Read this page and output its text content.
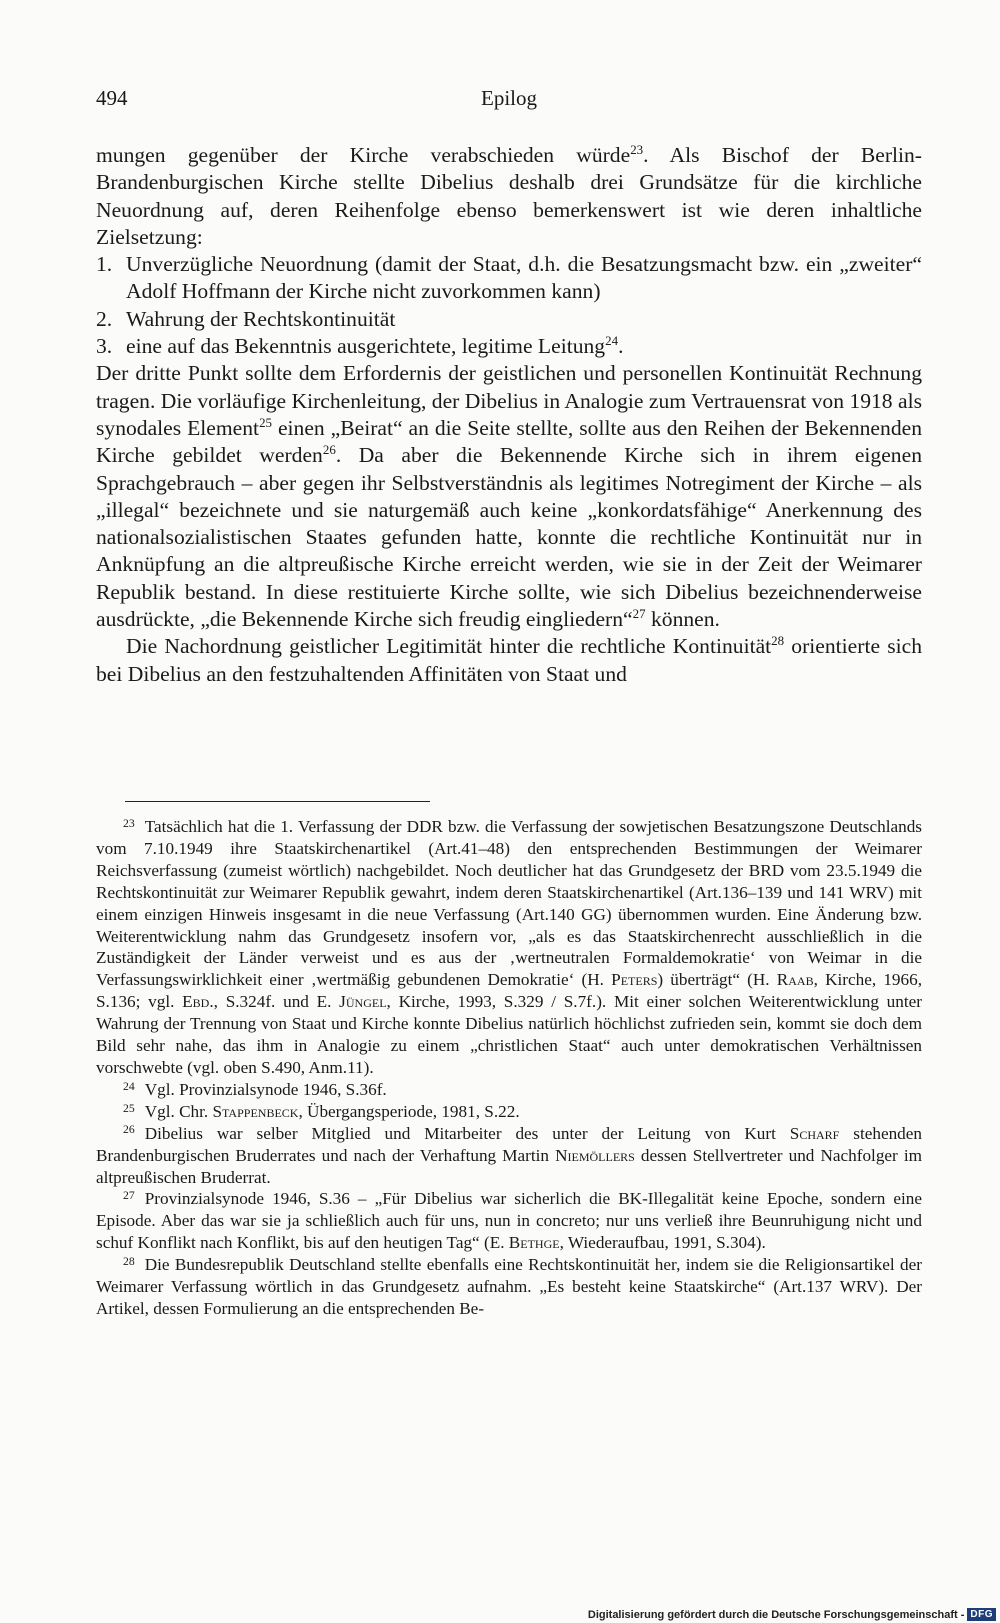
494	Epilog

mungen gegenüber der Kirche verabschieden würde$^{23}$. Als Bischof der Berlin-Brandenburgischen Kirche stellte Dibelius deshalb drei Grundsätze für die kirchliche Neuordnung auf, deren Reihenfolge ebenso bemerkenswert ist wie deren inhaltliche Zielsetzung:

1. Unverzügliche Neuordnung (damit der Staat, d.h. die Besatzungsmacht bzw. ein „zweiter“ Adolf Hoffmann der Kirche nicht zuvorkommen kann)

2. Wahrung der Rechtskontinuität

3. eine auf das Bekenntnis ausgerichtete, legitime Leitung$^{24}$.

Der dritte Punkt sollte dem Erfordernis der geistlichen und personellen Kontinuität Rechnung tragen. Die vorläufige Kirchenleitung, der Dibelius in Analogie zum Vertrauensrat von 1918 als synodales Element$^{25}$ einen „Beirat“ an die Seite stellte, sollte aus den Reihen der Bekennenden Kirche gebildet werden$^{26}$. Da aber die Bekennende Kirche sich in ihrem eigenen Sprachgebrauch – aber gegen ihr Selbstverständnis als legitimes Notregiment der Kirche – als „illegal“ bezeichnete und sie naturgemäß auch keine „konkordatsfähige“ Anerkennung des nationalsozialistischen Staates gefunden hatte, konnte die rechtliche Kontinuität nur in Anknüpfung an die altpreußische Kirche erreicht werden, wie sie in der Zeit der Weimarer Republik bestand. In diese restituierte Kirche sollte, wie sich Dibelius bezeichnenderweise ausdrückte, „die Bekennende Kirche sich freudig eingliedern“$^{27}$ können.

Die Nachordnung geistlicher Legitimität hinter die rechtliche Kontinuität$^{28}$ orientierte sich bei Dibelius an den festzuhaltenden Affinitäten von Staat und

$^{23}$ Tatsächlich hat die 1. Verfassung der DDR bzw. die Verfassung der sowjetischen Besatzungszone Deutschlands vom 7.10.1949 ihre Staatskirchenartikel (Art.41–48) den entsprechenden Bestimmungen der Weimarer Reichsverfassung (zumeist wörtlich) nachgebildet. Noch deutlicher hat das Grundgesetz der BRD vom 23.5.1949 die Rechtskontinuität zur Weimarer Republik gewahrt, indem deren Staatskirchenartikel (Art.136–139 und 141 WRV) mit einem einzigen Hinweis insgesamt in die neue Verfassung (Art.140 GG) übernommen wurden. Eine Änderung bzw. Weiterentwicklung nahm das Grundgesetz insofern vor, „als es das Staatskirchenrecht ausschließlich in die Zuständigkeit der Länder verweist und es aus der ‚wertneutralen Formaldemokratie‘ von Weimar in die Verfassungswirklichkeit einer ‚wertmäßig gebundenen Demokratie‘ (H. Peters) überträgt“ (H. Raab, Kirche, 1966, S.136; vgl. Ebd., S.324f. und E. Jüngel, Kirche, 1993, S.329 / S.7f.). Mit einer solchen Weiterentwicklung unter Wahrung der Trennung von Staat und Kirche konnte Dibelius natürlich höchlichst zufrieden sein, kommt sie doch dem Bild sehr nahe, das ihm in Analogie zu einem „christlichen Staat“ auch unter demokratischen Verhältnissen vorschwebte (vgl. oben S.490, Anm.11).

$^{24}$ Vgl. Provinzialsynode 1946, S.36f.

$^{25}$ Vgl. Chr. Stappenbeck, Übergangsperiode, 1981, S.22.

$^{26}$ Dibelius war selber Mitglied und Mitarbeiter des unter der Leitung von Kurt Scharf stehenden Brandenburgischen Bruderrates und nach der Verhaftung Martin Niemöllers dessen Stellvertreter und Nachfolger im altpreußischen Bruderrat.

$^{27}$ Provinzialsynode 1946, S.36 – „Für Dibelius war sicherlich die BK-Illegalität keine Epoche, sondern eine Episode. Aber das war sie ja schließlich auch für uns, nun in concreto; nur uns verließ ihre Beunruhigung nicht und schuf Konflikt nach Konflikt, bis auf den heutigen Tag“ (E. Bethge, Wiederaufbau, 1991, S.304).

$^{28}$ Die Bundesrepublik Deutschland stellte ebenfalls eine Rechtskontinuität her, indem sie die Religionsartikel der Weimarer Verfassung wörtlich in das Grundgesetz aufnahm. „Es besteht keine Staatskirche“ (Art.137 WRV). Der Artikel, dessen Formulierung an die entsprechenden Be-

Digitalisierung gefördert durch die Deutsche Forschungsgemeinschaft - DFG
